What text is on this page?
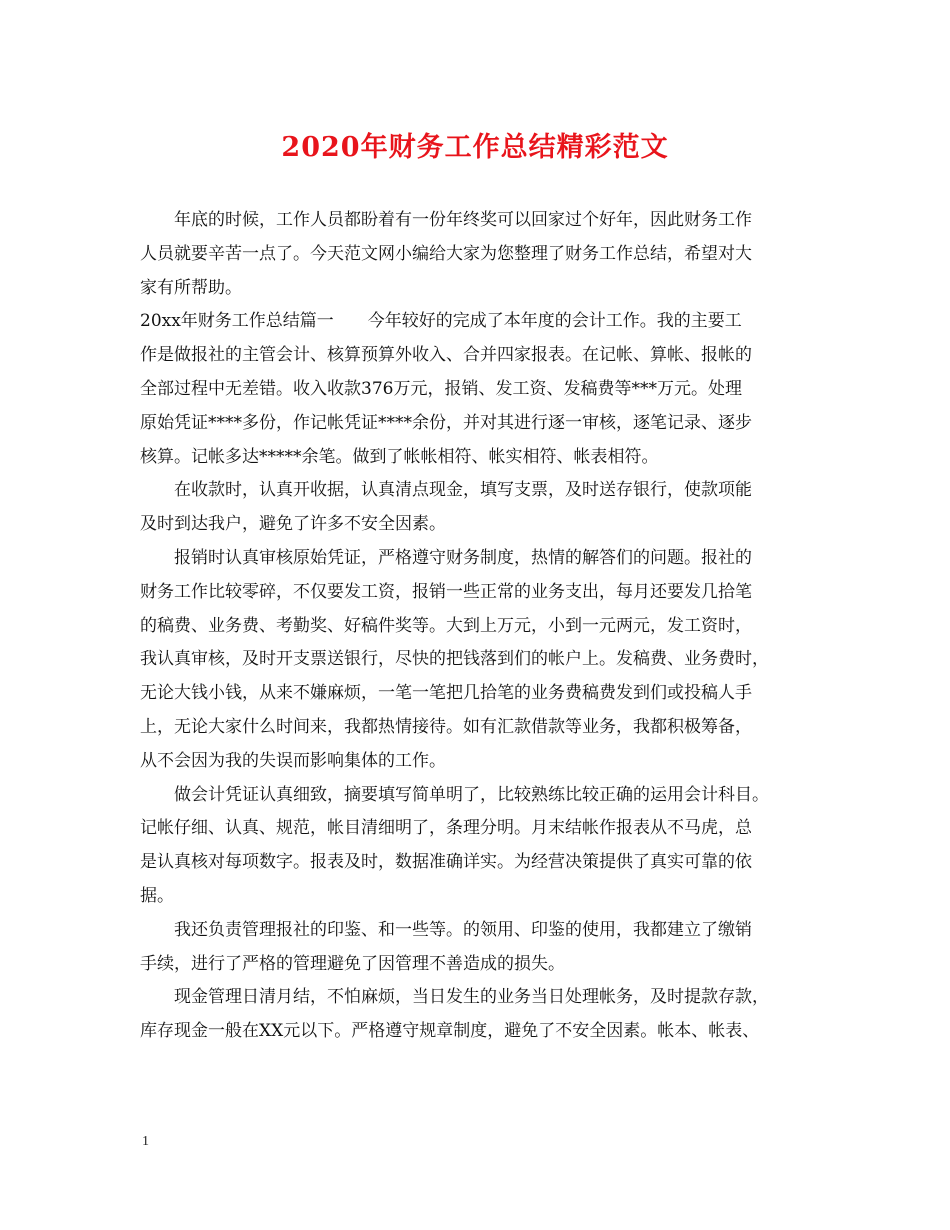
2020年财务工作总结精彩范文
　　年底的时候，工作人员都盼着有一份年终奖可以回家过个好年，因此财务工作
人员就要辛苦一点了。今天范文网小编给大家为您整理了财务工作总结，希望对大
家有所帮助。
20xx年财务工作总结篇一　　今年较好的完成了本年度的会计工作。我的主要工
作是做报社的主管会计、核算预算外收入、合并四家报表。在记帐、算帐、报帐的
全部过程中无差错。收入收款376万元，报销、发工资、发稿费等***万元。处理
原始凭证****多份，作记帐凭证****余份，并对其进行逐一审核，逐笔记录、逐步
核算。记帐多达*****余笔。做到了帐帐相符、帐实相符、帐表相符。
　　在收款时，认真开收据，认真清点现金，填写支票，及时送存银行，使款项能
及时到达我户，避免了许多不安全因素。
　　报销时认真审核原始凭证，严格遵守财务制度，热情的解答们的问题。报社的
财务工作比较零碎，不仅要发工资，报销一些正常的业务支出，每月还要发几拾笔
的稿费、业务费、考勤奖、好稿件奖等。大到上万元，小到一元两元，发工资时，
我认真审核，及时开支票送银行，尽快的把钱落到们的帐户上。发稿费、业务费时，
无论大钱小钱，从来不嫌麻烦，一笔一笔把几拾笔的业务费稿费发到们或投稿人手
上，无论大家什么时间来，我都热情接待。如有汇款借款等业务，我都积极筹备，
从不会因为我的失误而影响集体的工作。
　　做会计凭证认真细致，摘要填写简单明了，比较熟练比较正确的运用会计科目。
记帐仔细、认真、规范，帐目清细明了，条理分明。月末结帐作报表从不马虎，总
是认真核对每项数字。报表及时，数据准确详实。为经营决策提供了真实可靠的依
据。
　　我还负责管理报社的印鉴、和一些等。的领用、印鉴的使用，我都建立了缴销
手续，进行了严格的管理避免了因管理不善造成的损失。
　　现金管理日清月结，不怕麻烦，当日发生的业务当日处理帐务，及时提款存款，
库存现金一般在XX元以下。严格遵守规章制度，避免了不安全因素。帐本、帐表、
1
